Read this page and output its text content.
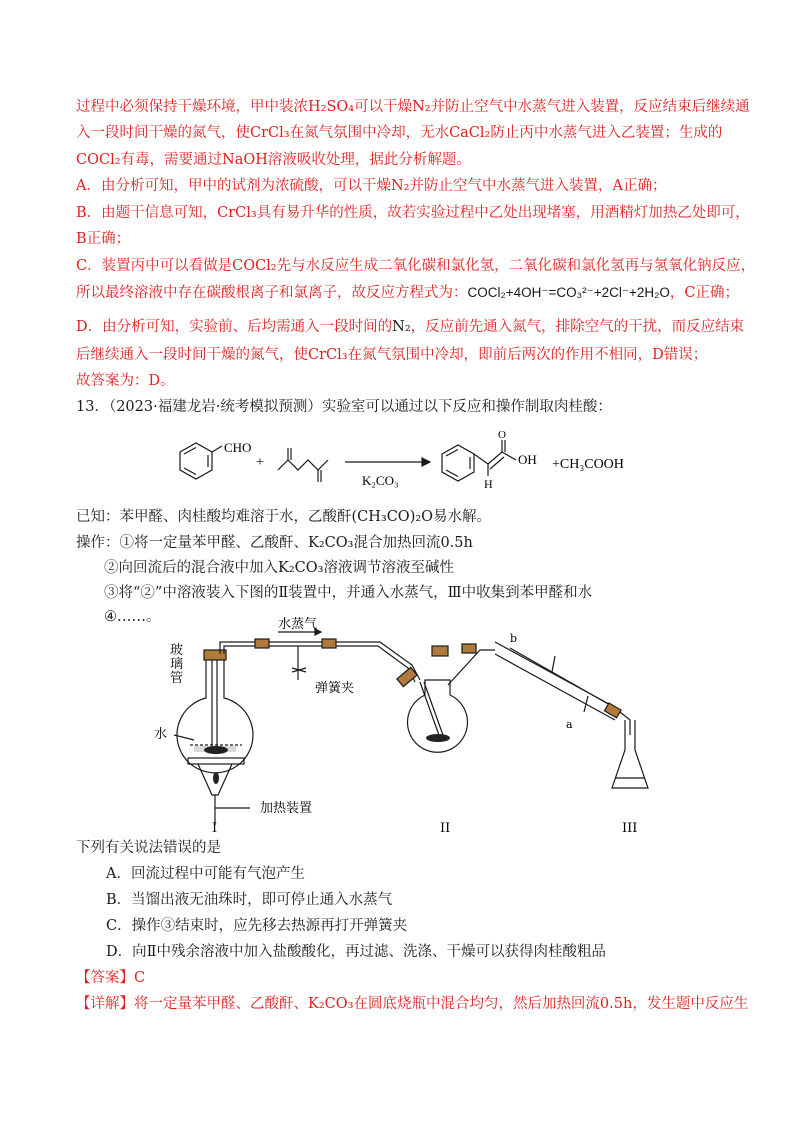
过程中必须保持干燥环境，甲中装浓H₂SO₄可以干燥N₂并防止空气中水蒸气进入装置，反应结束后继续通
入一段时间干燥的氮气，使CrCl₃在氮气氛围中冷却，无水CaCl₂防止丙中水蒸气进入乙装置；生成的
COCl₂有毒，需要通过NaOH溶液吸收处理，据此分析解题。
A．由分析可知，甲中的试剂为浓硫酸，可以干燥N₂并防止空气中水蒸气进入装置，A正确；
B．由题干信息可知，CrCl₃具有易升华的性质，故若实验过程中乙处出现堵塞，用酒精灯加热乙处即可，
B正确；
C．装置丙中可以看做是COCl₂先与水反应生成二氧化碳和氯化氢，二氧化碳和氯化氢再与氢氧化钠反应，
所以最终溶液中存在碳酸根离子和氯离子，故反应方程式为：COCl₂+4OH⁻=CO₃²⁻+2Cl⁻+2H₂O，C正确；
D．由分析可知，实验前、后均需通入一段时间的N₂，反应前先通入氮气，排除空气的干扰，而反应结束
后继续通入一段时间干燥的氮气，使CrCl₃在氮气氛围中冷却，即前后两次的作用不相同，D错误；
故答案为：D。
13．（2023·福建龙岩·统考模拟预测）实验室可以通过以下反应和操作制取肉桂酸：
CHO
+
K₂CO₃
O
OH
H
+CH₃COOH
已知：苯甲醛、肉桂酸均难溶于水，乙酸酐(CH₃CO)₂O易水解。
操作：①将一定量苯甲醛、乙酸酐、K₂CO₃混合加热回流0.5h
②向回流后的混合液中加入K₂CO₃溶液调节溶液至碱性
③将“②”中溶液装入下图的Ⅱ装置中，并通入水蒸气，Ⅲ中收集到苯甲醛和水
④……。
玻
璃
管
水蒸气
弹簧夹
水
加热装置
b
a
I	II	III
下列有关说法错误的是
A．回流过程中可能有气泡产生
B．当馏出液无油珠时，即可停止通入水蒸气
C．操作③结束时，应先移去热源再打开弹簧夹
D．向Ⅱ中残余溶液中加入盐酸酸化，再过滤、洗涤、干燥可以获得肉桂酸粗品
【答案】C
【详解】将一定量苯甲醛、乙酸酐、K₂CO₃在圆底烧瓶中混合均匀，然后加热回流0.5h，发生题中反应生
